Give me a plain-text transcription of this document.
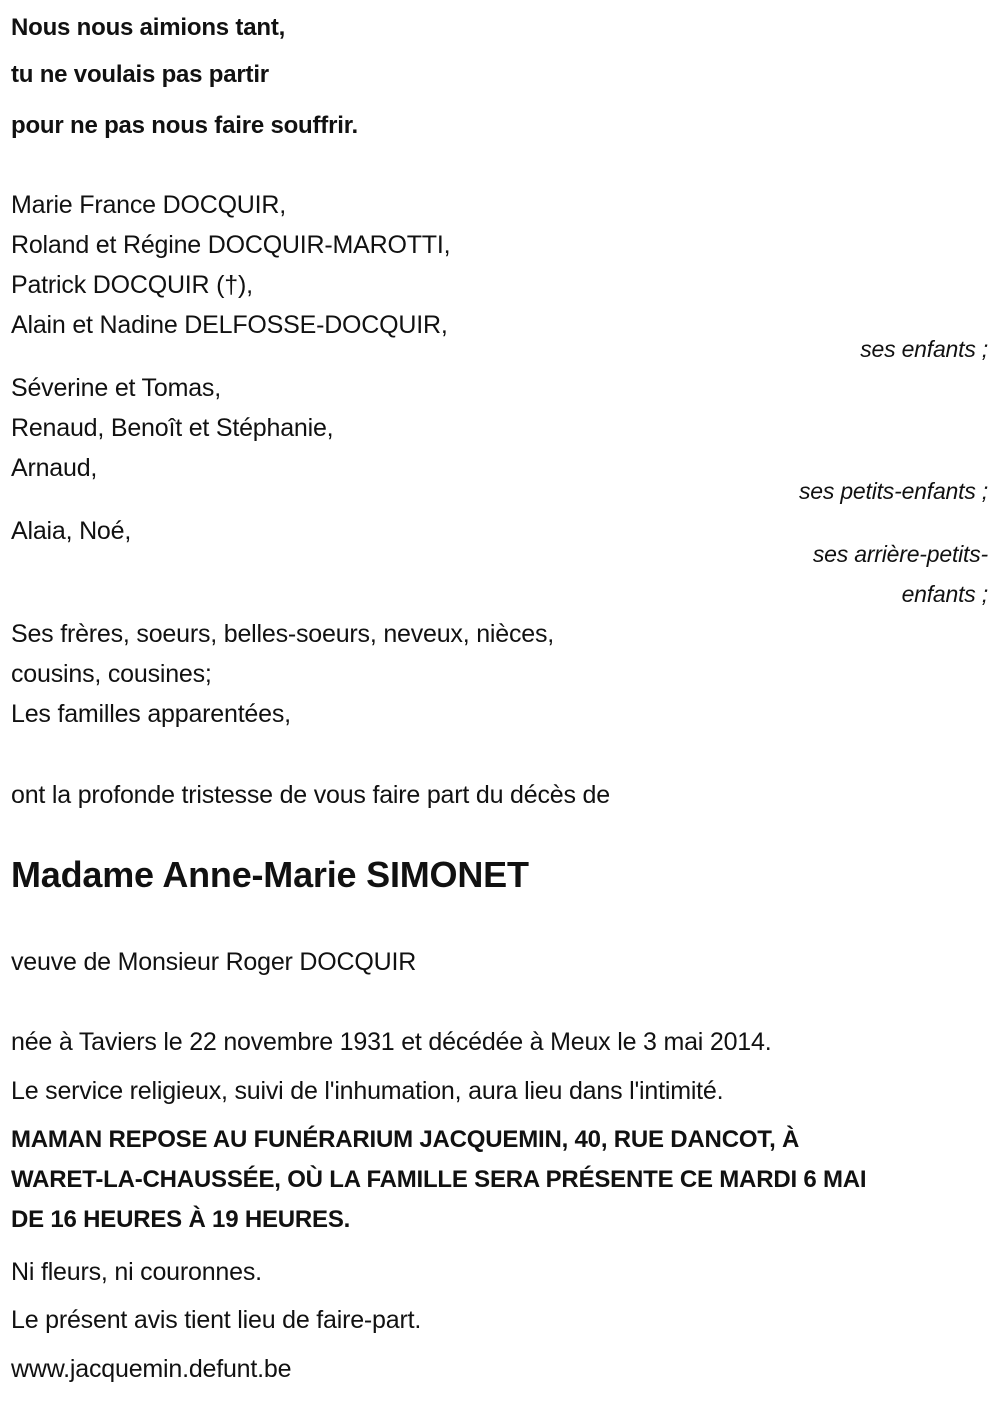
Nous nous aimions tant,
tu ne voulais pas partir
pour ne pas nous faire souffrir.
Marie France DOCQUIR,
Roland et Régine DOCQUIR-MAROTTI,
Patrick DOCQUIR (†),
Alain et Nadine DELFOSSE-DOCQUIR,
ses enfants ;
Séverine et Tomas,
Renaud, Benoît et Stéphanie,
Arnaud,
ses petits-enfants ;
Alaia, Noé,
ses arrière-petits-
enfants ;
Ses frères, soeurs, belles-soeurs, neveux, nièces,
cousins, cousines;
Les familles apparentées,
ont la profonde tristesse de vous faire part du décès de
Madame Anne-Marie SIMONET
veuve de Monsieur Roger DOCQUIR
née à Taviers le 22 novembre 1931 et décédée à Meux le 3 mai 2014.
Le service religieux, suivi de l'inhumation, aura lieu dans l'intimité.
MAMAN REPOSE AU FUNÉRARIUM JACQUEMIN, 40, RUE DANCOT, À
WARET-LA-CHAUSSÉE, OÙ LA FAMILLE SERA PRÉSENTE CE MARDI 6 MAI
DE 16 HEURES À 19 HEURES.
Ni fleurs, ni couronnes.
Le présent avis tient lieu de faire-part.
www.jacquemin.defunt.be
